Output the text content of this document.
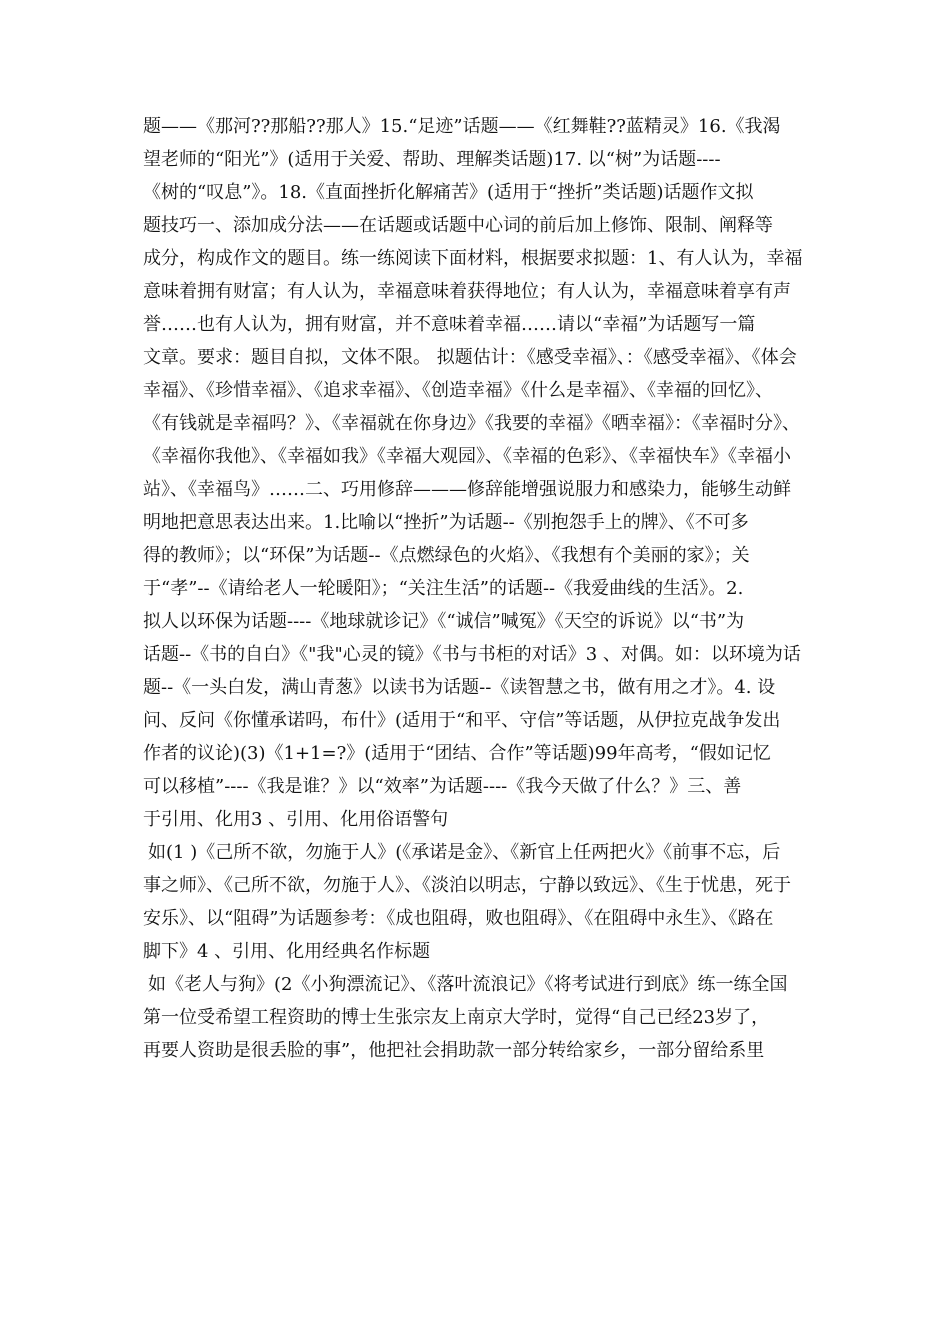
题——《那河??那船??那人》15.“足迹”话题——《红舞鞋??蓝精灵》16.《我渴
望老师的“阳光”》(适用于关爱、帮助、理解类话题)17. 以“树”为话题----
《树的“叹息”》。18.《直面挫折化解痛苦》(适用于“挫折”类话题)话题作文拟
题技巧一、添加成分法——在话题或话题中心词的前后加上修饰、限制、阐释等
成分，构成作文的题目。练一练阅读下面材料，根据要求拟题：1、有人认为，幸福
意味着拥有财富；有人认为，幸福意味着获得地位；有人认为，幸福意味着享有声
誉……也有人认为，拥有财富，并不意味着幸福……请以“幸福”为话题写一篇
文章。要求：题目自拟，文体不限。 拟题估计：《感受幸福》、：《感受幸福》、《体会
幸福》、《珍惜幸福》、《追求幸福》、《创造幸福》《什么是幸福》、《幸福的回忆》、
《有钱就是幸福吗？》、《幸福就在你身边》《我要的幸福》《晒幸福》：《幸福时分》、
《幸福你我他》、《幸福如我》《幸福大观园》、《幸福的色彩》、《幸福快车》《幸福小
站》、《幸福鸟》……二、巧用修辞———修辞能增强说服力和感染力，能够生动鲜
明地把意思表达出来。1.比喻以“挫折”为话题--《别抱怨手上的牌》、《不可多
得的教师》；以“环保”为话题--《点燃绿色的火焰》、《我想有个美丽的家》；关
于“孝”--《请给老人一轮暖阳》；“关注生活”的话题--《我爱曲线的生活》。2.
拟人以环保为话题----《地球就诊记》《“诚信”喊冤》《天空的诉说》以“书”为
话题--《书的自白》《"我"心灵的镜》《书与书柜的对话》3 、对偶。如：以环境为话
题--《一头白发，满山青葱》以读书为话题--《读智慧之书，做有用之才》。4. 设
问、反问《你懂承诺吗，布什》(适用于“和平、守信”等话题，从伊拉克战争发出
作者的议论)(3)《1+1=?》(适用于“团结、合作”等话题)99年高考，“假如记忆
可以移植”----《我是谁？》以“效率”为话题----《我今天做了什么？》三、善
于引用、化用3 、引用、化用俗语警句
如(1 )《己所不欲，勿施于人》(《承诺是金》、《新官上任两把火》《前事不忘，后
事之师》、《己所不欲，勿施于人》、《淡泊以明志，宁静以致远》、《生于忧患，死于
安乐》、以“阻碍”为话题参考：《成也阻碍，败也阻碍》、《在阻碍中永生》、《路在
脚下》4 、引用、化用经典名作标题
如《老人与狗》(2《小狗漂流记》、《落叶流浪记》《将考试进行到底》练一练全国
第一位受希望工程资助的博士生张宗友上南京大学时，觉得“自己已经23岁了，
再要人资助是很丢脸的事”，他把社会捐助款一部分转给家乡，一部分留给系里
